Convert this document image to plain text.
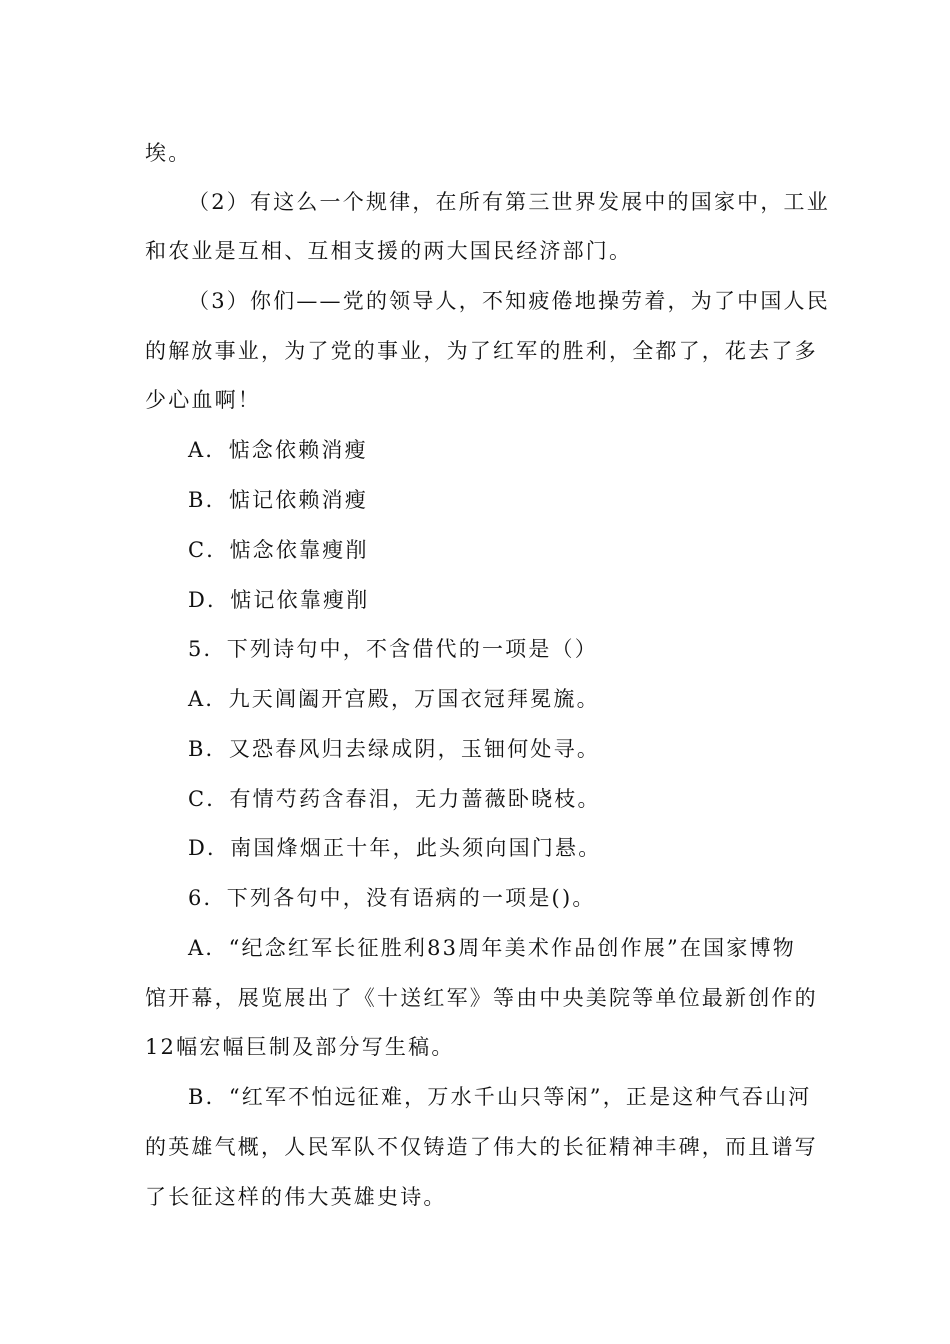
埃。
（2）有这么一个规律，在所有第三世界发展中的国家中，工业
和农业是互相、互相支援的两大国民经济部门。
（3）你们——党的领导人，不知疲倦地操劳着，为了中国人民
的解放事业，为了党的事业，为了红军的胜利，全都了，花去了多
少心血啊！
A．惦念依赖消瘦
B．惦记依赖消瘦
C．惦念依靠瘦削
D．惦记依靠瘦削
5．下列诗句中，不含借代的一项是（）
A．九天阊阖开宫殿，万国衣冠拜冕旒。
B．又恐春风归去绿成阴，玉钿何处寻。
C．有情芍药含春泪，无力蔷薇卧晓枝。
D．南国烽烟正十年，此头须向国门悬。
6．下列各句中，没有语病的一项是()。
A．“纪念红军长征胜利83周年美术作品创作展”在国家博物
馆开幕，展览展出了《十送红军》等由中央美院等单位最新创作的
12幅宏幅巨制及部分写生稿。
B．“红军不怕远征难，万水千山只等闲”，正是这种气吞山河
的英雄气概，人民军队不仅铸造了伟大的长征精神丰碑，而且谱写
了长征这样的伟大英雄史诗。
